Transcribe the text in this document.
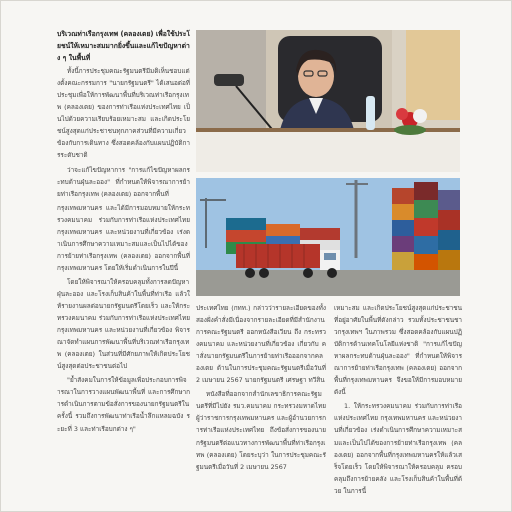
บริเวณท่าเรือกรุงเทพ (คลองเตย) เพื่อใช้ประโยชน์ให้เหมาะสมมากยิ่งขึ้นและแก้ไขปัญหาต่าง ๆ ในพื้นที่
ทั้งนี้การประชุมคณะรัฐมนตรีมีมติเห็นชอบแต่งตั้งคณะกรรมการ "นายกรัฐมนตรี" ได้เสนอต่อที่ประชุมเพื่อให้การพัฒนาพื้นที่บริเวณท่าเรือกรุงเทพ (คลองเตย) ของการท่าเรือแห่งประเทศไทย เป็นไปด้วยความเรียบร้อยเหมาะสม และเกิดประโยชน์สูงสุดแก่ประชาชนทุกภาคส่วนที่มีความเกี่ยวข้องกับการเดินทาง ซึ่งสอดคล้องกับแผนปฏิบัติการระดับชาติ
ว่าจะแก้ไขปัญหาการ "การแก้ไขปัญหาผลกระทบด้านฝุ่นละออง" ที่กำหนดให้พิจารณาการย้ายท่าเรือกรุงเทพ (คลองเตย) ออกจากพื้นที่
กรุงเทพมหานคร และได้มีการมอบหมายให้กระทรวงคมนาคม ร่วมกับการท่าเรือแห่งประเทศไทย กรุงเทพมหานคร และหน่วยงานที่เกี่ยวข้อง เร่งดำเนินการศึกษาความเหมาะสมและเป็นไปได้ของการย้ายท่าเรือกรุงเทพ (คลองเตย) ออกจากพื้นที่กรุงเทพมหานคร โดยให้เริ่มดำเนินการในปีนี้
โดยให้พิจารณาให้ครอบคลุมทั้งการลดปัญหาฝุ่นละออง และโรงเก็บสินค้าในพื้นที่ท่าเรือ แล้วให้รายงานผลต่อนายกรัฐมนตรีโดยเร็ว และให้กระทรวงคมนาคม ร่วมกับการท่าเรือแห่งประเทศไทย กรุงเทพมหานคร และหน่วยงานที่เกี่ยวข้อง พิจารณาจัดทำแผนการพัฒนาพื้นที่บริเวณท่าเรือกรุงเทพ (คลองเตย) ในส่วนที่มีศักยภาพให้เกิดประโยชน์สูงสุดต่อประชาชนต่อไป
"ย้ำสังคมในการให้ข้อมูลเพื่อประกอบการพิจารณาในการวางแผนพัฒนาพื้นที่ และการศึกษาการดำเนินการตามข้อสั่งการของนายกรัฐมนตรีในครั้งนี้ รวมถึงการพัฒนาท่าเรือน้ำลึกแหลมฉบัง ระยะที่ 3 และท่าเรือบกต่าง ๆ"
ประเทศไทย (กทท.) กล่าวว่ารายละเอียดของทั้งสองฝั่งคำสั่งมีเนื่องจากรายละเอียดที่มีสำนักงานการคณะรัฐมนตรี ออกหนังสือเวียน ถึง กระทรวงคมนาคม และหน่วยงานที่เกี่ยวข้อง เกี่ยวกับ คำสั่งนายกรัฐมนตรีในการย้ายท่าเรือออกจากคลองเตย ด้านในการประชุมคณะรัฐมนตรีเมื่อวันที่ 2 เมษายน 2567 นายกรัฐมนตรี เศรษฐา ทวีสิน
หนังสือที่ออกจากสำนักเลขาธิการคณะรัฐมนตรีที่มีไปยัง รมว.คมนาคม กระทรวงมหาดไทย ผู้ว่าราชการกรุงเทพมหานคร และผู้อำนวยการการท่าเรือแห่งประเทศไทย ถึงข้อสั่งการของนายกรัฐมนตรีต่อแนวทางการพัฒนาพื้นที่ท่าเรือกรุงเทพ (คลองเตย) โดยระบุว่า ในการประชุมคณะรัฐมนตรีเมื่อวันที่ 2 เมษายน 2567
เหมาะสม และเกิดประโยชน์สูงสุดแก่ประชาชนที่อยู่อาศัยในพื้นที่ดังกล่าว รวมทั้งประชาชนชาวกรุงเทพฯ ในภาพรวม ซึ่งสอดคล้องกับแผนปฏิบัติการด้านเทคโนโลยีแห่งชาติ "การแก้ไขปัญหาผลกระทบด้านฝุ่นละออง" ที่กำหนดให้พิจารณาการย้ายท่าเรือกรุงเทพ (คลองเตย) ออกจากพื้นที่กรุงเทพมหานคร จึงขอให้มีการมอบหมายดังนี้
1. ให้กระทรวงคมนาคม ร่วมกับการท่าเรือแห่งประเทศไทย กรุงเทพมหานคร และหน่วยงานที่เกี่ยวข้อง เร่งดำเนินการศึกษาความเหมาะสมและเป็นไปได้ของการย้ายท่าเรือกรุงเทพ (คลองเตย) ออกจากพื้นที่กรุงเทพมหานครให้แล้วเสร็จโดยเร็ว โดยให้พิจารณาให้ครอบคลุม ครอบคลุมถึงการย้ายคลัง และโรงเก็บสินค้าในพื้นที่ด้วย ในการนี้
